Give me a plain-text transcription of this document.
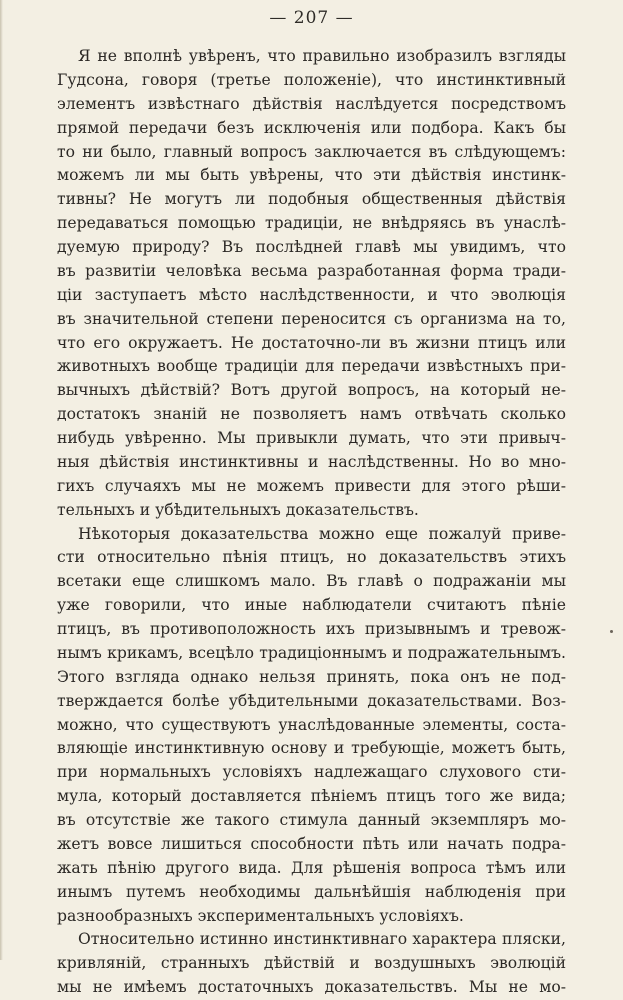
— 207 —
Я не вполнѣ увѣренъ, что правильно изобразилъ взгляды
Гудсона, говоря (третье положеніе), что инстинктивный
элементъ извѣстнаго дѣйствія наслѣдуется посредствомъ
прямой передачи безъ исключенія или подбора. Какъ бы
то ни было, главный вопросъ заключается въ слѣдующемъ:
можемъ ли мы быть увѣрены, что эти дѣйствія инстинк-
тивны? Не могутъ ли подобныя общественныя дѣйствія
передаваться помощью традиціи, не внѣдряясь въ унаслѣ-
дуемую природу? Въ послѣдней главѣ мы увидимъ, что
въ развитіи человѣка весьма разработанная форма тради-
ціи заступаетъ мѣсто наслѣдственности, и что эволюція
въ значительной степени переносится съ организма на то,
что его окружаетъ. Не достаточно-ли въ жизни птицъ или
животныхъ вообще традиціи для передачи извѣстныхъ при-
вычныхъ дѣйствій? Вотъ другой вопросъ, на который не-
достатокъ знаній не позволяетъ намъ отвѣчать сколько
нибудь увѣренно. Мы привыкли думать, что эти привыч-
ныя дѣйствія инстинктивны и наслѣдственны. Но во мно-
гихъ случаяхъ мы не можемъ привести для этого рѣши-
тельныхъ и убѣдительныхъ доказательствъ.
Нѣкоторыя доказательства можно еще пожалуй приве-
сти относительно пѣнія птицъ, но доказательствъ этихъ
всетаки еще слишкомъ мало. Въ главѣ о подражаніи мы
уже говорили, что иные наблюдатели считаютъ пѣніе
птицъ, въ противоположность ихъ призывнымъ и тревож-
нымъ крикамъ, всецѣло традиціоннымъ и подражательнымъ.
Этого взгляда однако нельзя принять, пока онъ не под-
тверждается болѣе убѣдительными доказательствами. Воз-
можно, что существуютъ унаслѣдованные элементы, соста-
вляющіе инстинктивную основу и требующіе, можетъ быть,
при нормальныхъ условіяхъ надлежащаго слухового сти-
мула, который доставляется пѣніемъ птицъ того же вида;
въ отсутствіе же такого стимула данный экземпляръ мо-
жетъ вовсе лишиться способности пѣть или начать подра-
жать пѣнію другого вида. Для рѣшенія вопроса тѣмъ или
инымъ путемъ необходимы дальнѣйшія наблюденія при
разнообразныхъ экспериментальныхъ условіяхъ.
Относительно истинно инстинктивнаго характера пляски,
кривляній, странныхъ дѣйствій и воздушныхъ эволюцій
мы не имѣемъ достаточныхъ доказательствъ. Мы не мо-
